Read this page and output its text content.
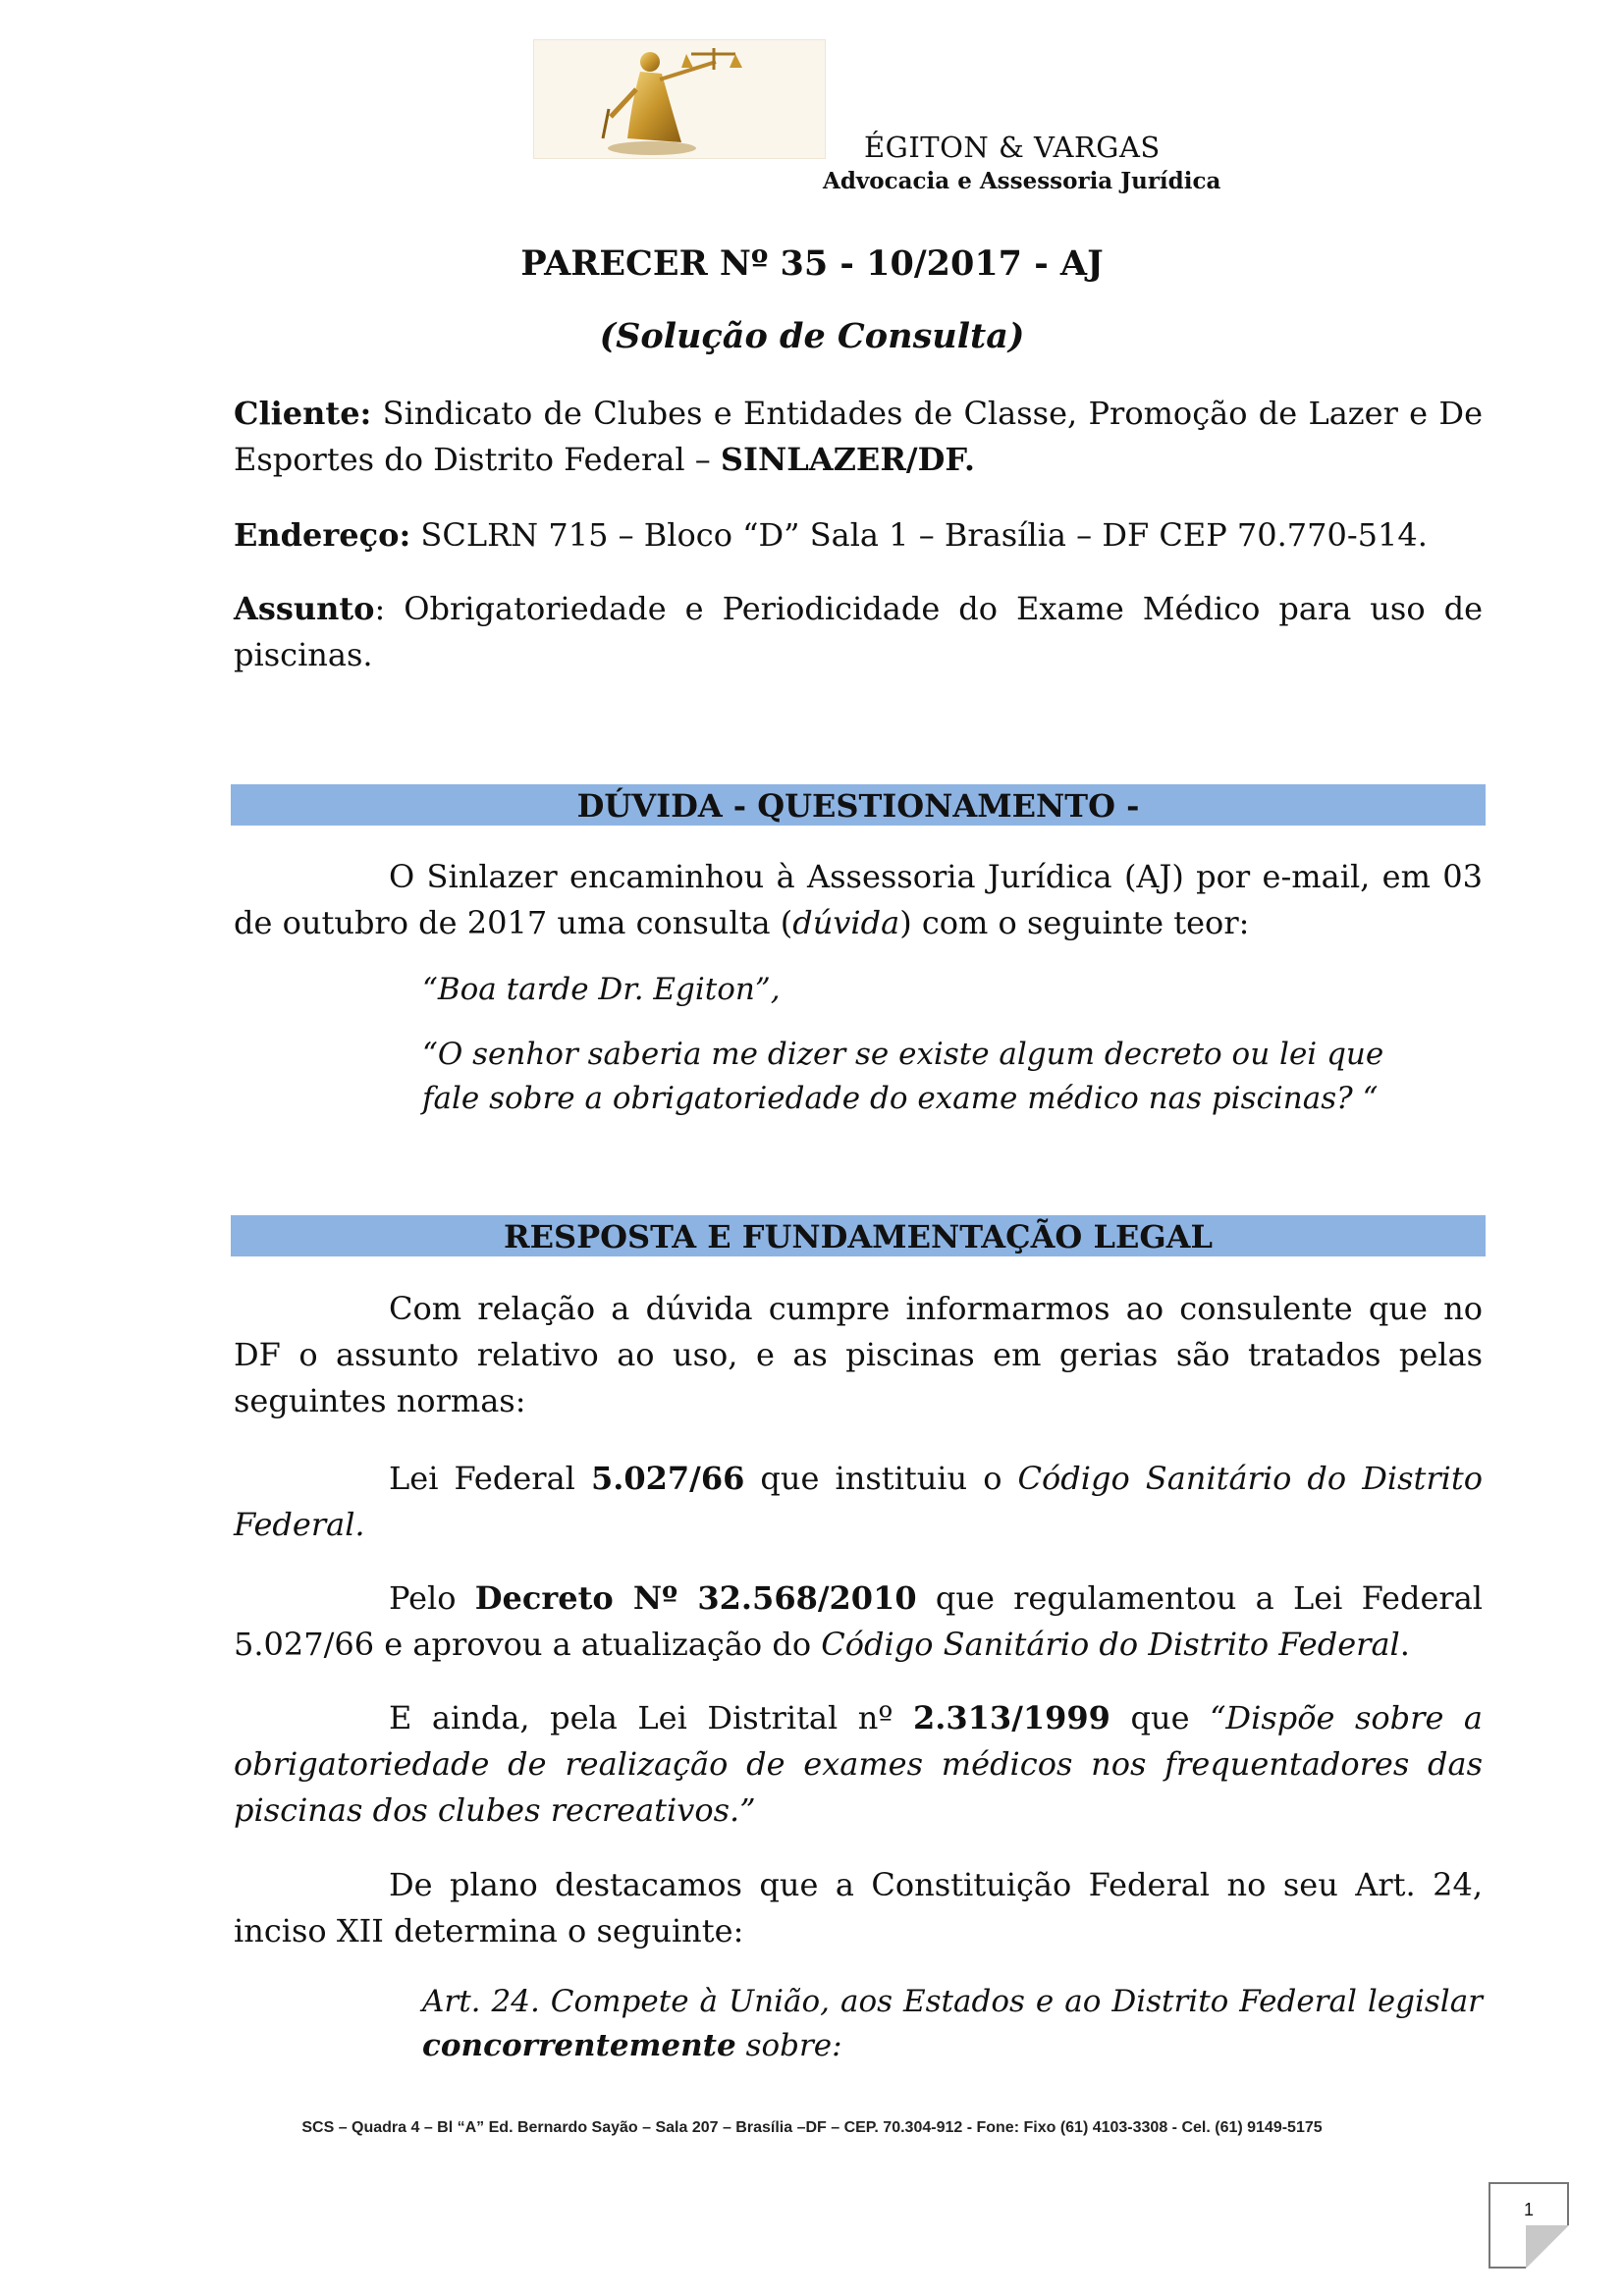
ÉGITON & VARGAS
Advocacia e Assessoria Jurídica
PARECER Nº 35 - 10/2017 - AJ
(Solução de Consulta)
Cliente: Sindicato de Clubes e Entidades de Classe, Promoção de Lazer e De Esportes do Distrito Federal – SINLAZER/DF.
Endereço: SCLRN 715 – Bloco “D” Sala 1 – Brasília – DF CEP 70.770-514.
Assunto: Obrigatoriedade e Periodicidade do Exame Médico para uso de piscinas.
DÚVIDA - QUESTIONAMENTO -
O Sinlazer encaminhou à Assessoria Jurídica (AJ) por e-mail, em 03 de outubro de 2017 uma consulta (dúvida) com o seguinte teor:
“Boa tarde Dr. Egiton”,
“O senhor saberia me dizer se existe algum decreto ou lei que fale sobre a obrigatoriedade do exame médico nas piscinas? “
RESPOSTA E FUNDAMENTAÇÃO LEGAL
Com relação a dúvida cumpre informarmos ao consulente que no DF o assunto relativo ao uso, e as piscinas em gerias são tratados pelas seguintes normas:
Lei Federal 5.027/66 que instituiu o Código Sanitário do Distrito Federal.
Pelo Decreto Nº 32.568/2010 que regulamentou a Lei Federal 5.027/66 e aprovou a atualização do Código Sanitário do Distrito Federal.
E ainda, pela Lei Distrital nº 2.313/1999 que “Dispõe sobre a obrigatoriedade de realização de exames médicos nos frequentadores das piscinas dos clubes recreativos.”
De plano destacamos que a Constituição Federal no seu Art. 24, inciso XII determina o seguinte:
Art. 24. Compete à União, aos Estados e ao Distrito Federal legislar concorrentemente sobre:
SCS – Quadra 4 – Bl “A” Ed. Bernardo Sayão – Sala 207 – Brasília –DF – CEP. 70.304-912 - Fone: Fixo (61) 4103-3308 - Cel. (61) 9149-5175
1
